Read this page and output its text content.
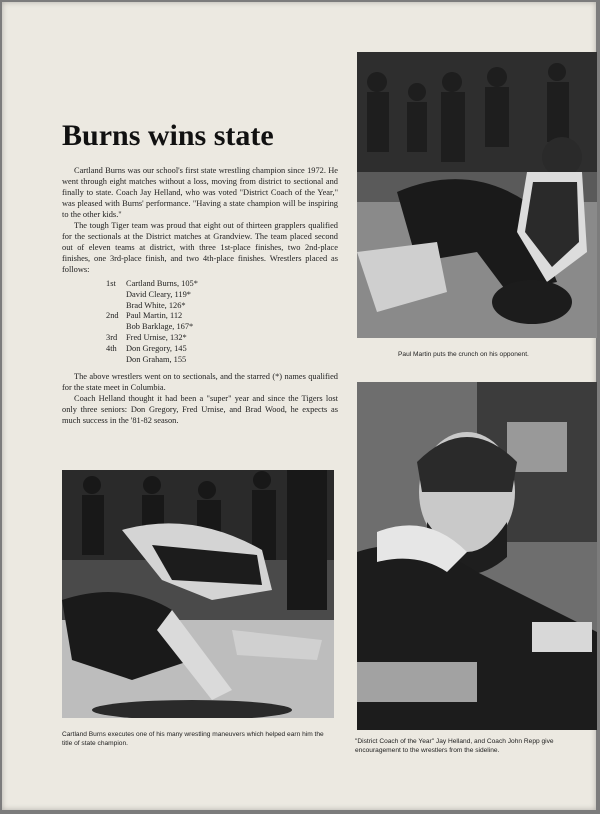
Paul Martin puts the crunch on his opponent.
Burns wins state

Cartland Burns was our school's first state wrestling champion since 1972. He went through eight matches without a loss, moving from district to sectional and finally to state. Coach Jay Helland, who was voted "District Coach of the Year," was pleased with Burns' performance. "Having a state champion will be inspiring to the other kids."

The tough Tiger team was proud that eight out of thirteen grapplers qualified for the sectionals at the District matches at Grandview. The team placed second out of eleven teams at district, with three 1st-place finishes, two 2nd-place finishes, one 3rd-place finish, and two 4th-place finishes. Wrestlers placed as follows:

1st	Cartland Burns, 105*
David Cleary, 119*
Brad White, 126*
2nd Paul Martin, 112
Bob Barklage, 167*
3rd	Fred Urnise, 132*
4th	Don Gregory, 145
Don Graham, 155

The above wrestlers went on to sectionals, and the starred (*) names qualified for the state meet in Columbia.

Coach Helland thought it had been a "super" year and since the Tigers lost only three seniors: Don Gregory, Fred Urnise, and Brad Wood, he expects as much success in the '81-82 season.

Cartland Burns executes one of his many wrestling maneuvers which helped earn him the title of state champion.	"District Coach of the Year" Jay Helland, and Coach John Repp give encouragement to the wrestlers from the sideline.
